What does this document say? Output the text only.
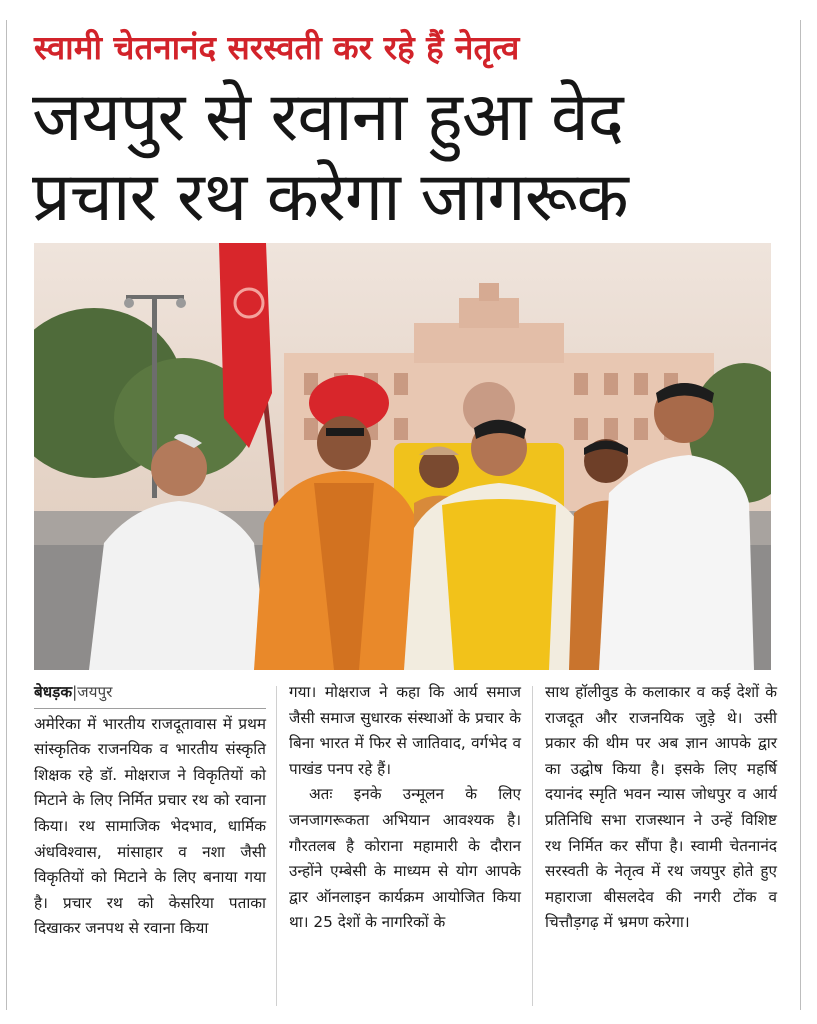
स्वामी चेतनानंद सरस्वती कर रहे हैं नेतृत्व
जयपुर से रवाना हुआ वेद
प्रचार रथ करेगा जागरूक
बेधड़क|जयपुर

अमेरिका में भारतीय राजदूतावास में प्रथम सांस्कृतिक राजनयिक व भारतीय संस्कृति शिक्षक रहे डॉ. मोक्षराज ने विकृतियों को मिटाने के लिए निर्मित प्रचार रथ को रवाना किया। रथ सामाजिक भेदभाव, धार्मिक अंधविश्वास, मांसाहार व नशा जैसी विकृतियों को मिटाने के लिए बनाया गया है। प्रचार रथ को केसरिया पताका दिखाकर जनपथ से रवाना किया

गया। मोक्षराज ने कहा कि आर्य समाज जैसी समाज सुधारक संस्थाओं के प्रचार के बिना भारत में फिर से जातिवाद, वर्गभेद व पाखंड पनप रहे हैं।

अतः इनके उन्मूलन के लिए जनजागरूकता अभियान आवश्यक है। गौरतलब है कोराना महामारी के दौरान उन्होंने एम्बेसी के माध्यम से योग आपके द्वार ऑनलाइन कार्यक्रम आयोजित किया था। 25 देशों के नागरिकों के

साथ हॉलीवुड के कलाकार व कई देशों के राजदूत और राजनयिक जुड़े थे। उसी प्रकार की थीम पर अब ज्ञान आपके द्वार का उद्घोष किया है। इसके लिए महर्षि दयानंद स्मृति भवन न्यास जोधपुर व आर्य प्रतिनिधि सभा राजस्थान ने उन्हें विशिष्ट रथ निर्मित कर सौंपा है। स्वामी चेतनानंद सरस्वती के नेतृत्व में रथ जयपुर होते हुए महाराजा बीसलदेव की नगरी टोंक व चित्तौड़गढ़ में भ्रमण करेगा।
